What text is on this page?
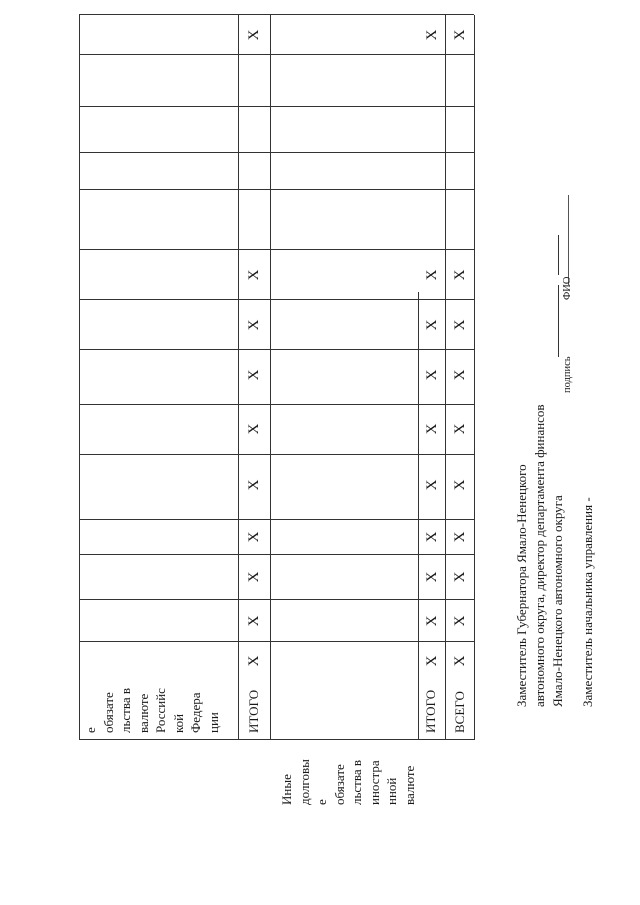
е обязате льства в валюте Российс кой Федера ции ИТОГО
Иные долговы е обязате льства в иностра нной валюте
ИТОГО ВСЕГО
X
X
X
X
X
X
X
X
X
X
X
X
X
X
X
X
X
X
X
X
X
X
X
X
X
X
X
X
X
X
Заместитель Губернатора Ямало-Ненецкого автономного округа, директор департамента финансов Ямало-Ненецкого автономного округа Заместитель начальника управления -
подпись
ФИО
